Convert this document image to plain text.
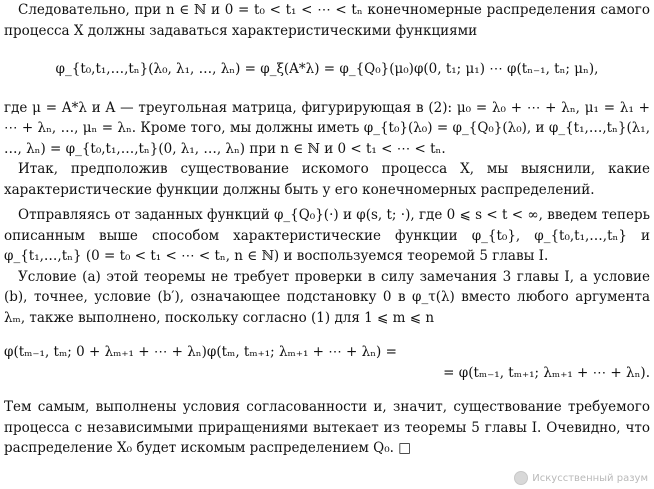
Следовательно, при n ∈ ℕ и 0 = t₀ < t₁ < ⋯ < tₙ конечномерные распределения самого процесса X должны задаваться характеристическими функциями

φ_{t₀,t₁,…,tₙ}(λ₀, λ₁, …, λₙ) = φ_ξ(A*λ) = φ_{Q₀}(μ₀)φ(0, t₁; μ₁) ⋯ φ(tₙ₋₁, tₙ; μₙ),

где μ = A*λ и A — треугольная матрица, фигурирующая в (2): μ₀ = λ₀ + ⋯ + λₙ, μ₁ = λ₁ + ⋯ + λₙ, …, μₙ = λₙ. Кроме того, мы должны иметь φ_{t₀}(λ₀) = φ_{Q₀}(λ₀), и φ_{t₁,…,tₙ}(λ₁, …, λₙ) = φ_{t₀,t₁,…,tₙ}(0, λ₁, …, λₙ) при n ∈ ℕ и 0 < t₁ < ⋯ < tₙ.

Итак, предположив существование искомого процесса X, мы выяснили, какие характеристические функции должны быть у его конечномерных распределений.

Отправляясь от заданных функций φ_{Q₀}(·) и φ(s, t; ·), где 0 ⩽ s < t < ∞, введем теперь описанным выше способом характеристические функции φ_{t₀}, φ_{t₀,t₁,…,tₙ} и φ_{t₁,…,tₙ} (0 = t₀ < t₁ < ⋯ < tₙ, n ∈ ℕ) и воспользуемся теоремой 5 главы I.

Условие (a) этой теоремы не требует проверки в силу замечания 3 главы I, а условие (b), точнее, условие (b′), означающее подстановку 0 в φ_τ(λ) вместо любого аргумента λₘ, также выполнено, поскольку согласно (1) для 1 ⩽ m ⩽ n

φ(tₘ₋₁, tₘ; 0 + λₘ₊₁ + ⋯ + λₙ)φ(tₘ, tₘ₊₁; λₘ₊₁ + ⋯ + λₙ) =
= φ(tₘ₋₁, tₘ₊₁; λₘ₊₁ + ⋯ + λₙ).

Тем самым, выполнены условия согласованности и, значит, существование требуемого процесса с независимыми приращениями вытекает из теоремы 5 главы I. Очевидно, что распределение X₀ будет искомым распределением Q₀. □

Искусственный разум
